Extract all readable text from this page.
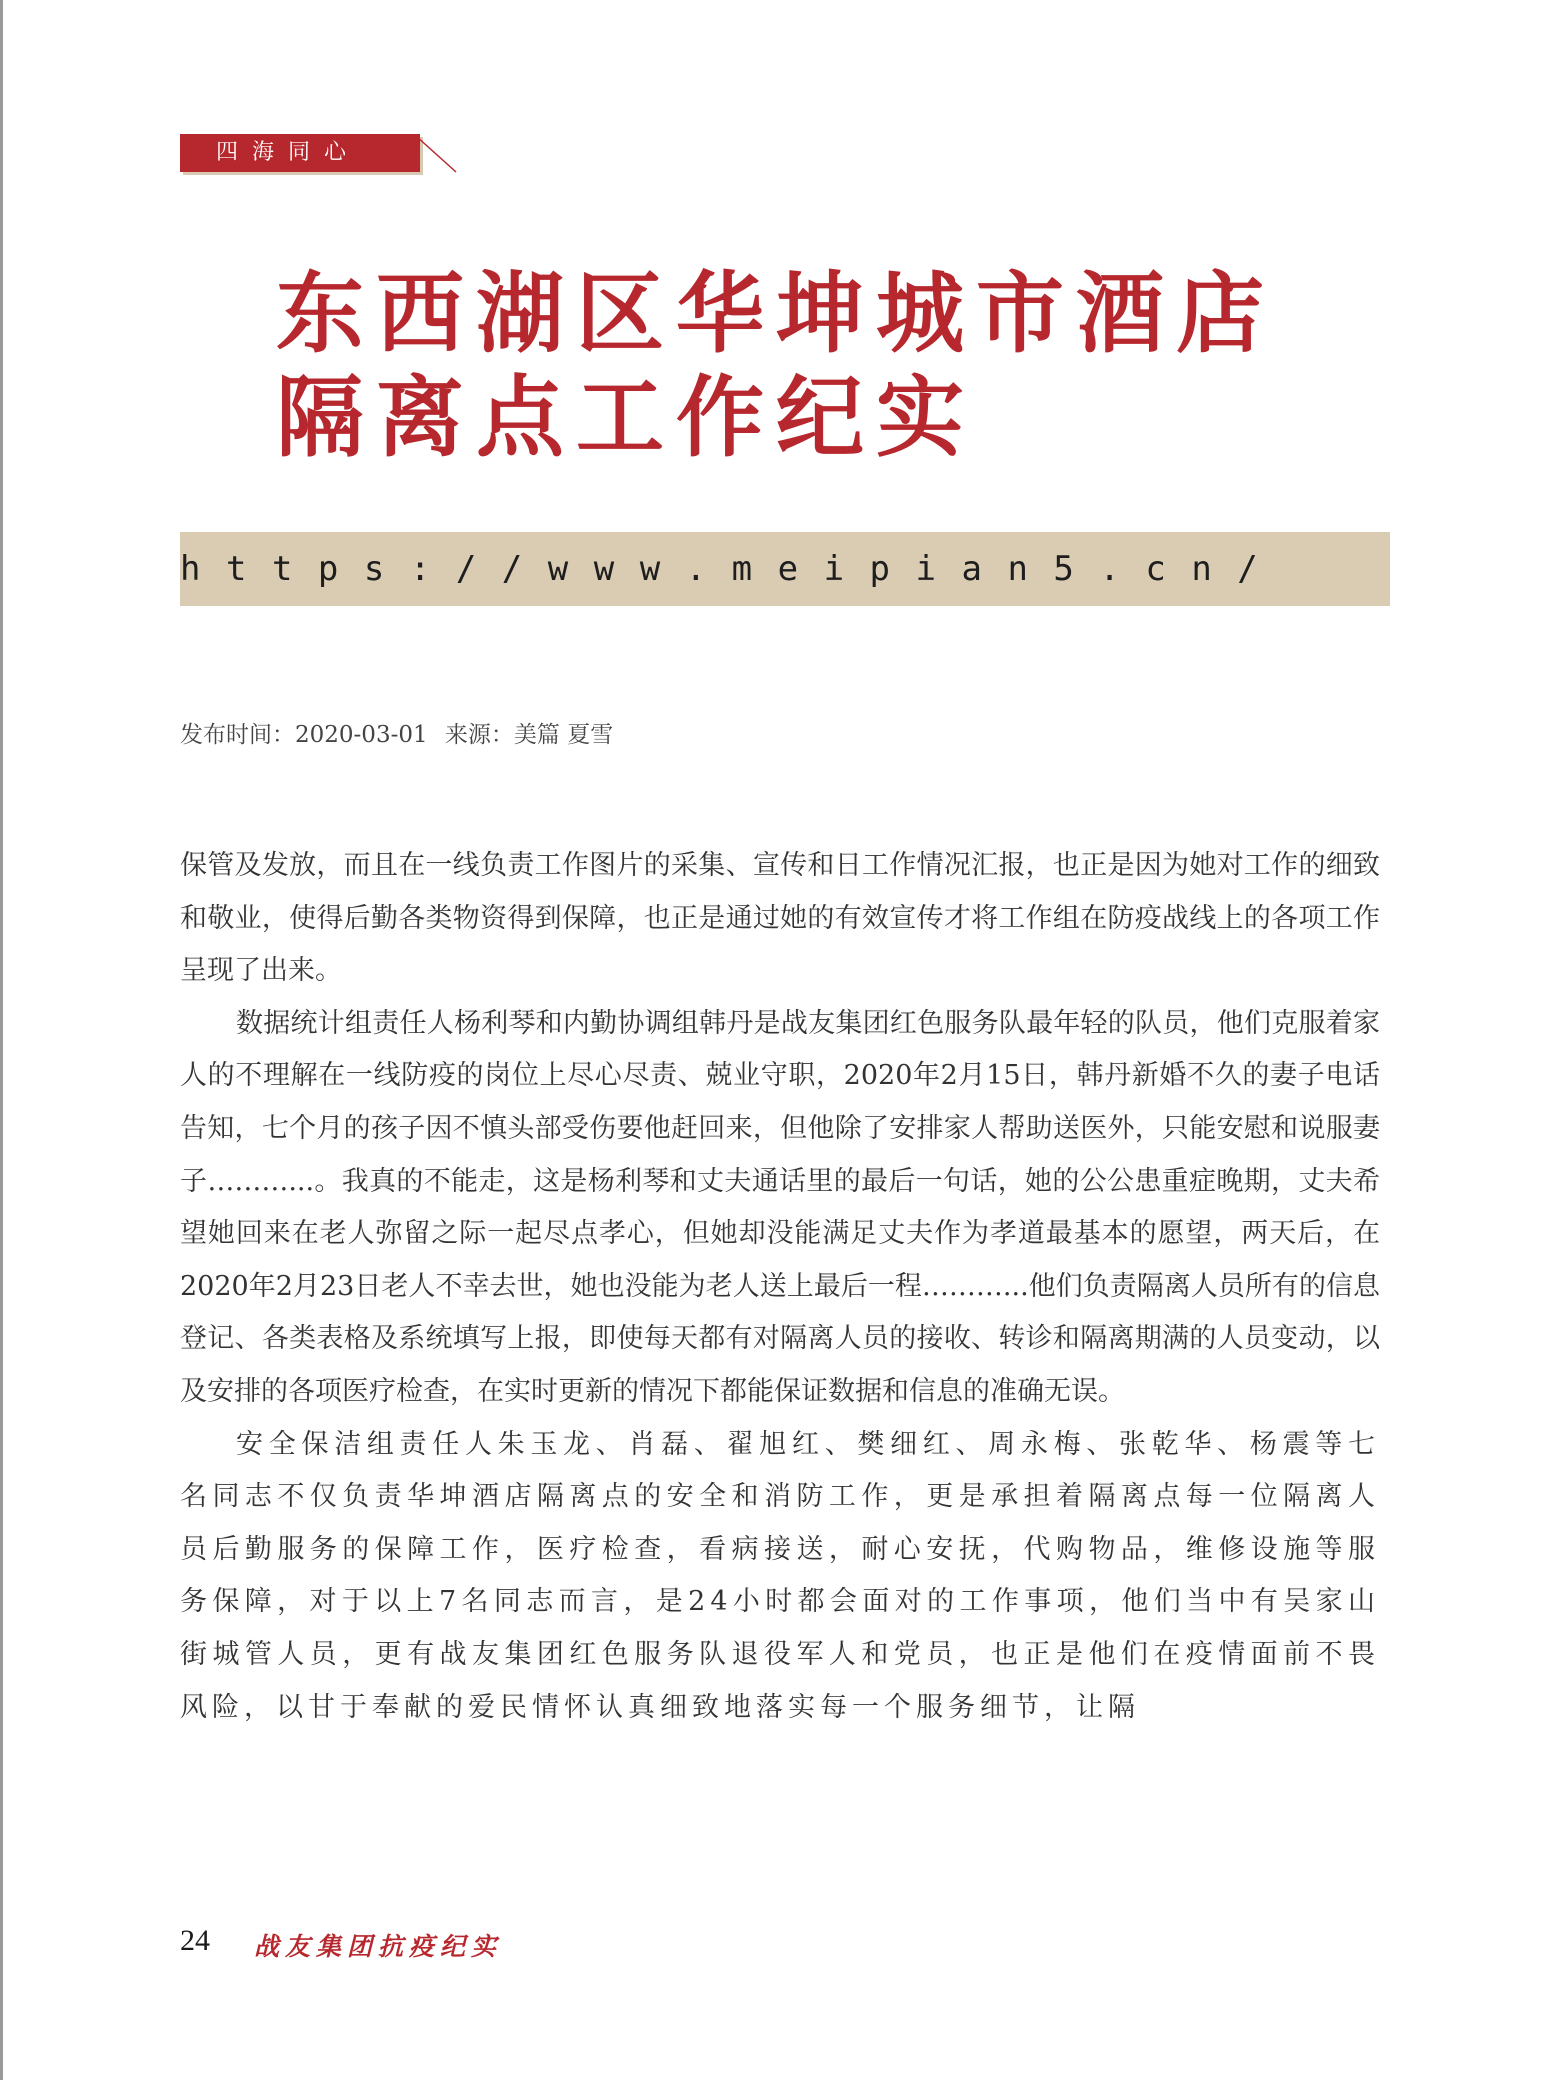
四海同心
东西湖区华坤城市酒店
隔离点工作纪实
https://www.meipian5.cn/
发布时间：2020-03-01 来源：美篇 夏雪

保管及发放，而且在一线负责工作图片的采集、宣传和日工作情况汇报，也正是因为她对工作的细致和敬业，使得后勤各类物资得到保障，也正是通过她的有效宣传才将工作组在防疫战线上的各项工作呈现了出来。

数据统计组责任人杨利琴和内勤协调组韩丹是战友集团红色服务队最年轻的队员，他们克服着家人的不理解在一线防疫的岗位上尽心尽责、兢业守职，2020年2月15日，韩丹新婚不久的妻子电话告知，七个月的孩子因不慎头部受伤要他赶回来，但他除了安排家人帮助送医外，只能安慰和说服妻子………...。我真的不能走，这是杨利琴和丈夫通话里的最后一句话，她的公公患重症晚期，丈夫希望她回来在老人弥留之际一起尽点孝心，但她却没能满足丈夫作为孝道最基本的愿望，两天后，在2020年2月23日老人不幸去世，她也没能为老人送上最后一程………...他们负责隔离人员所有的信息登记、各类表格及系统填写上报，即使每天都有对隔离人员的接收、转诊和隔离期满的人员变动，以及安排的各项医疗检查，在实时更新的情况下都能保证数据和信息的准确无误。

安全保洁组责任人朱玉龙、肖磊、翟旭红、樊细红、周永梅、张乾华、杨震等七名同志不仅负责华坤酒店隔离点的安全和消防工作，更是承担着隔离点每一位隔离人员后勤服务的保障工作，医疗检查，看病接送，耐心安抚，代购物品，维修设施等服务保障，对于以上7名同志而言，是24小时都会面对的工作事项，他们当中有吴家山街城管人员，更有战友集团红色服务队退役军人和党员，也正是他们在疫情面前不畏风险，以甘于奉献的爱民情怀认真细致地落实每一个服务细节，让隔

24 战友集团抗疫纪实
